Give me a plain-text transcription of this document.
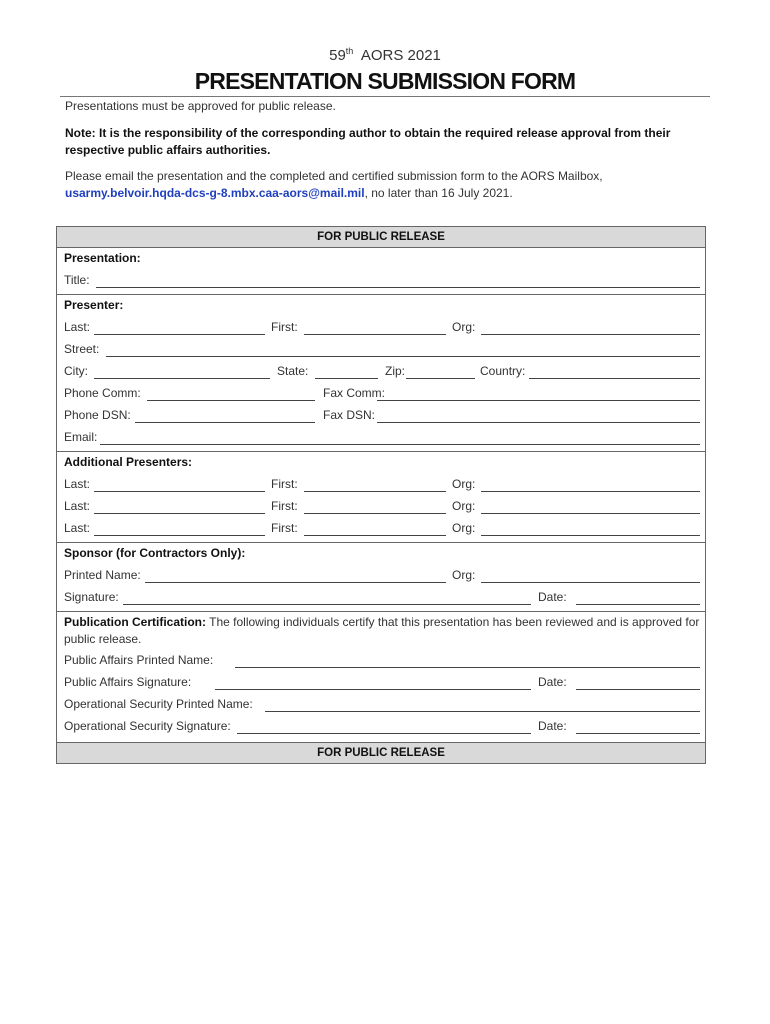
59th AORS 2021
PRESENTATION SUBMISSION FORM
Presentations must be approved for public release.
Note: It is the responsibility of the corresponding author to obtain the required release approval from their respective public affairs authorities.
Please email the presentation and the completed and certified submission form to the AORS Mailbox,
usarmy.belvoir.hqda-dcs-g-8.mbx.caa-aors@mail.mil, no later than 16 July 2021.
FOR PUBLIC RELEASE
Presentation:
Title:
Presenter:
Last:	First:	Org:
Street:
City:	State:	Zip:	Country:
Phone Comm:	Fax Comm:
Phone DSN:	Fax DSN:
Email:
Additional Presenters:
Last:	First:	Org:
Last:	First:	Org:
Last:	First:	Org:
Sponsor (for Contractors Only):
Printed Name:	Org:
Signature:	Date:
Publication Certification: The following individuals certify that this presentation has been reviewed and is approved for public release.
Public Affairs Printed Name:
Public Affairs Signature:	Date:
Operational Security Printed Name:
Operational Security Signature:	Date:
FOR PUBLIC RELEASE
